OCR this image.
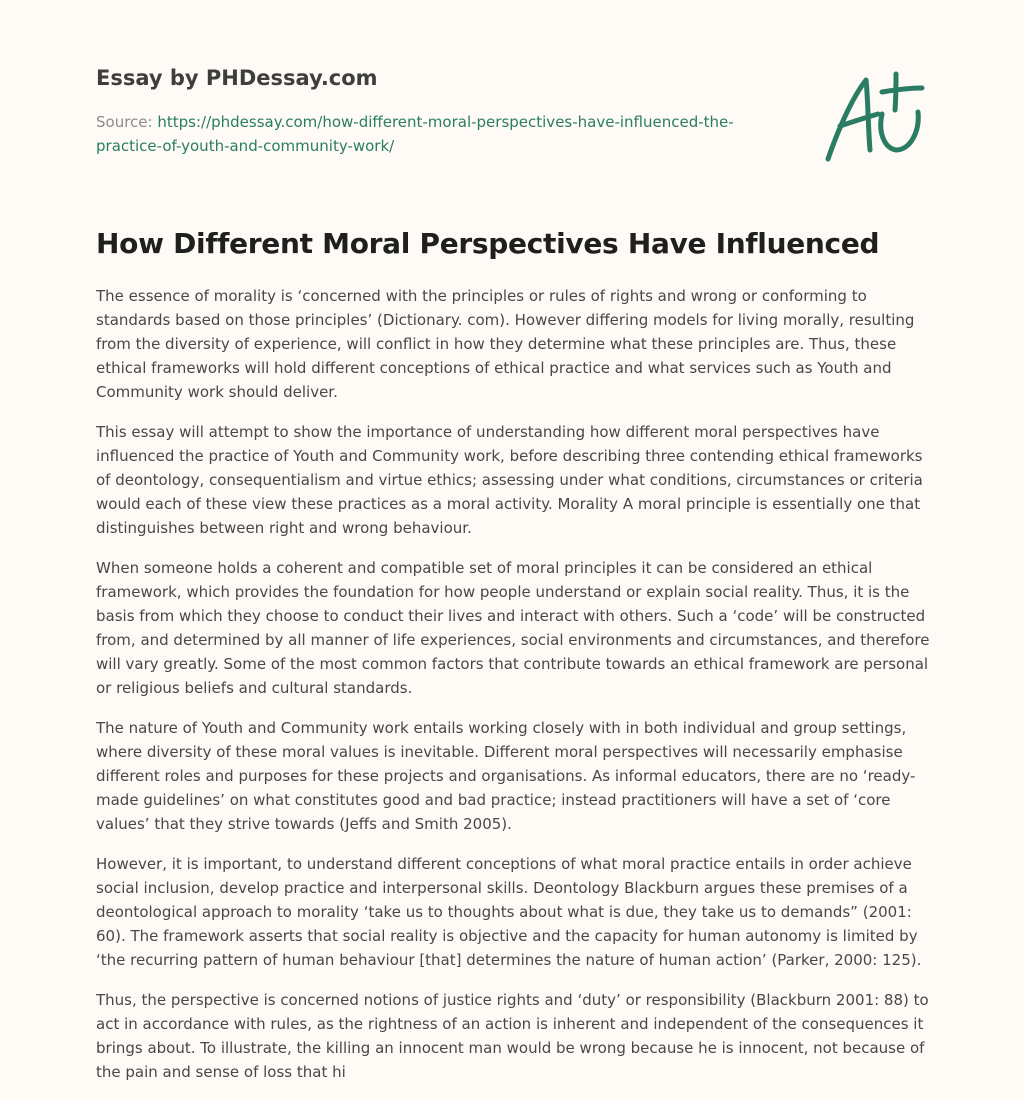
Essay by PHDessay.com
Source: https://phdessay.com/how-different-moral-perspectives-have-influenced-the-
practice-of-youth-and-community-work/
How Different Moral Perspectives Have Influenced

The essence of morality is ‘concerned with the principles or rules of rights and wrong or conforming to standards based on those principles’ (Dictionary. com). However differing models for living morally, resulting from the diversity of experience, will conflict in how they determine what these principles are. Thus, these ethical frameworks will hold different conceptions of ethical practice and what services such as Youth and Community work should deliver.

This essay will attempt to show the importance of understanding how different moral perspectives have influenced the practice of Youth and Community work, before describing three contending ethical frameworks of deontology, consequentialism and virtue ethics; assessing under what conditions, circumstances or criteria would each of these view these practices as a moral activity. Morality A moral principle is essentially one that distinguishes between right and wrong behaviour.

When someone holds a coherent and compatible set of moral principles it can be considered an ethical framework, which provides the foundation for how people understand or explain social reality. Thus, it is the basis from which they choose to conduct their lives and interact with others. Such a ‘code’ will be constructed from, and determined by all manner of life experiences, social environments and circumstances, and therefore will vary greatly. Some of the most common factors that contribute towards an ethical framework are personal or religious beliefs and cultural standards.

The nature of Youth and Community work entails working closely with in both individual and group settings, where diversity of these moral values is inevitable. Different moral perspectives will necessarily emphasise different roles and purposes for these projects and organisations. As informal educators, there are no ‘ready-made guidelines’ on what constitutes good and bad practice; instead practitioners will have a set of ‘core values’ that they strive towards (Jeffs and Smith 2005).

However, it is important, to understand different conceptions of what moral practice entails in order achieve social inclusion, develop practice and interpersonal skills. Deontology Blackburn argues these premises of a deontological approach to morality ‘take us to thoughts about what is due, they take us to demands” (2001: 60). The framework asserts that social reality is objective and the capacity for human autonomy is limited by ‘the recurring pattern of human behaviour [that] determines the nature of human action’ (Parker, 2000: 125).

Thus, the perspective is concerned notions of justice rights and ‘duty’ or responsibility (Blackburn 2001: 88) to act in accordance with rules, as the rightness of an action is inherent and independent of the consequences it brings about. To illustrate, the killing an innocent man would be wrong because he is innocent, not because of the pain and sense of loss that hi
